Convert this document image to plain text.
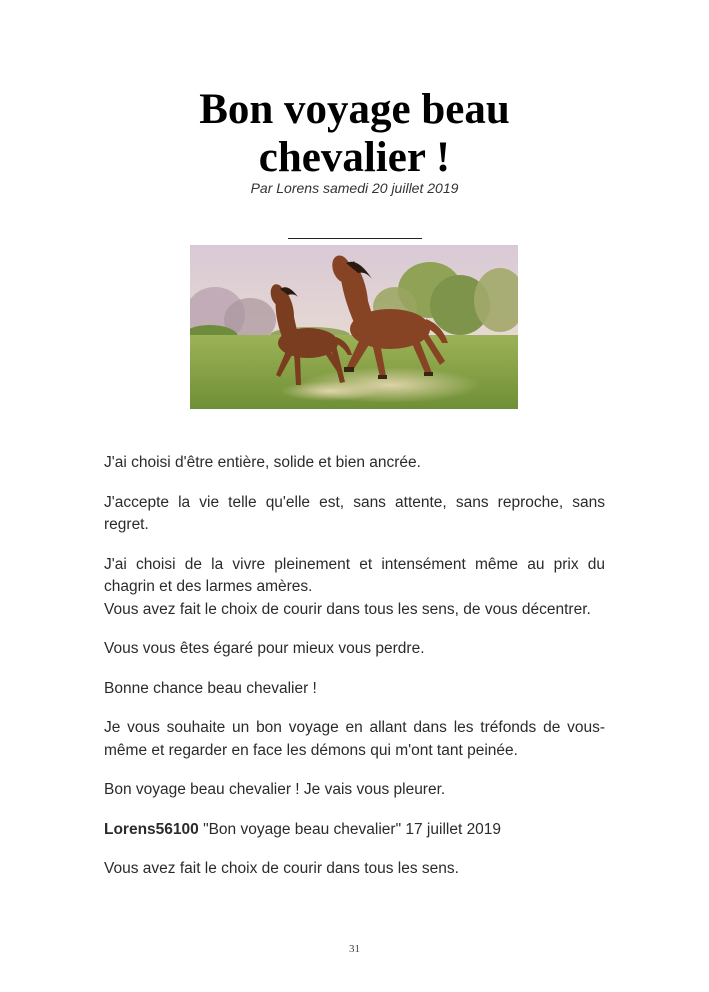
Bon voyage beau
chevalier !
Par Lorens samedi 20 juillet 2019

J'ai choisi d'être entière, solide et bien ancrée.

J'accepte la vie telle qu'elle est, sans attente, sans reproche, sans regret.

J'ai choisi de la vivre pleinement et intensément même au prix du chagrin et des larmes amères.

Vous avez fait le choix de courir dans tous les sens, de vous décentrer.

Vous vous êtes égaré pour mieux vous perdre.

Bonne chance beau chevalier !

Je vous souhaite un bon voyage en allant dans les tréfonds de vous-même et regarder en face les démons qui m'ont tant peinée.

Bon voyage beau chevalier ! Je vais vous pleurer.

Lorens56100 "Bon voyage beau chevalier" 17 juillet 2019

Vous avez fait le choix de courir dans tous les sens.

31
